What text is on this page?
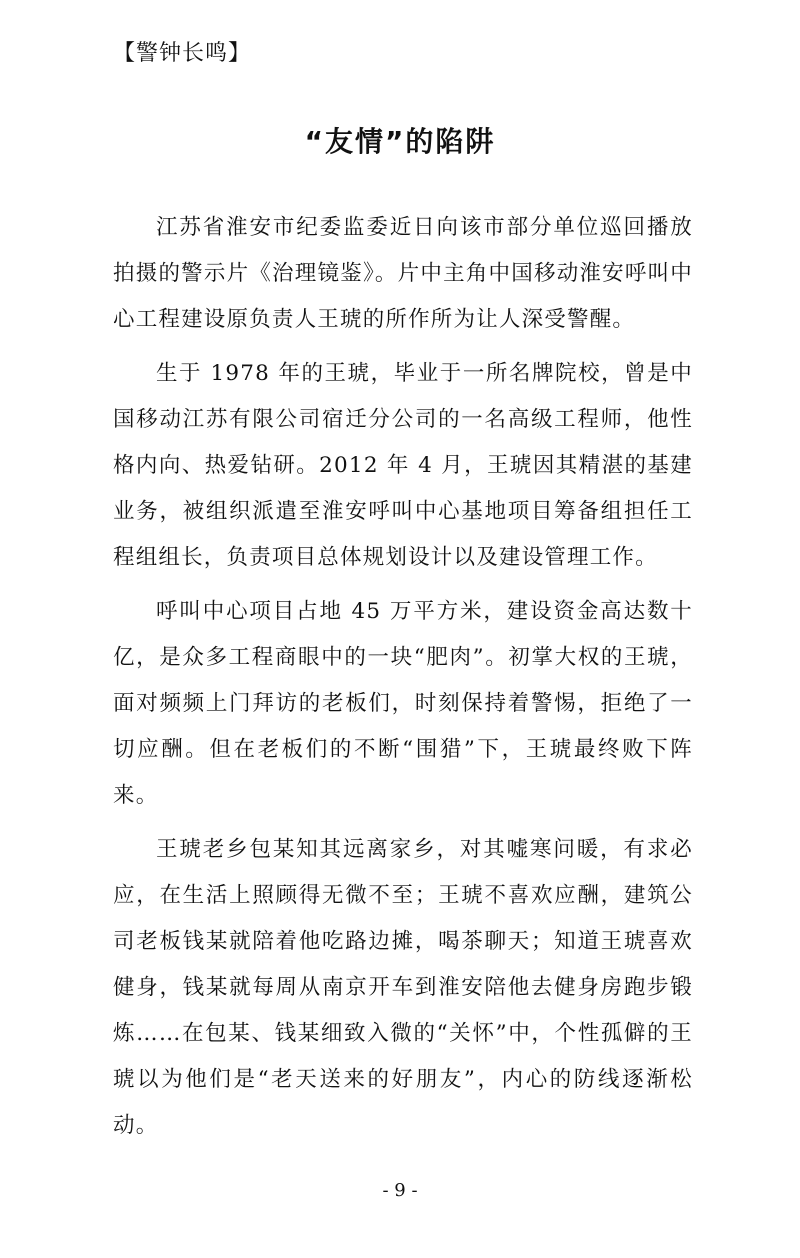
【警钟长鸣】
“友情”的陷阱

江苏省淮安市纪委监委近日向该市部分单位巡回播放拍摄的警示片《治理镜鉴》。片中主角中国移动淮安呼叫中心工程建设原负责人王琥的所作所为让人深受警醒。

生于 1978 年的王琥，毕业于一所名牌院校，曾是中国移动江苏有限公司宿迁分公司的一名高级工程师，他性格内向、热爱钻研。2012 年 4 月，王琥因其精湛的基建业务，被组织派遣至淮安呼叫中心基地项目筹备组担任工程组组长，负责项目总体规划设计以及建设管理工作。

呼叫中心项目占地 45 万平方米，建设资金高达数十亿，是众多工程商眼中的一块“肥肉”。初掌大权的王琥，面对频频上门拜访的老板们，时刻保持着警惕，拒绝了一切应酬。但在老板们的不断“围猎”下，王琥最终败下阵来。

王琥老乡包某知其远离家乡，对其嘘寒问暖，有求必应，在生活上照顾得无微不至；王琥不喜欢应酬，建筑公司老板钱某就陪着他吃路边摊，喝茶聊天；知道王琥喜欢健身，钱某就每周从南京开车到淮安陪他去健身房跑步锻炼……在包某、钱某细致入微的“关怀”中，个性孤僻的王琥以为他们是“老天送来的好朋友”，内心的防线逐渐松动。

- 9 -
